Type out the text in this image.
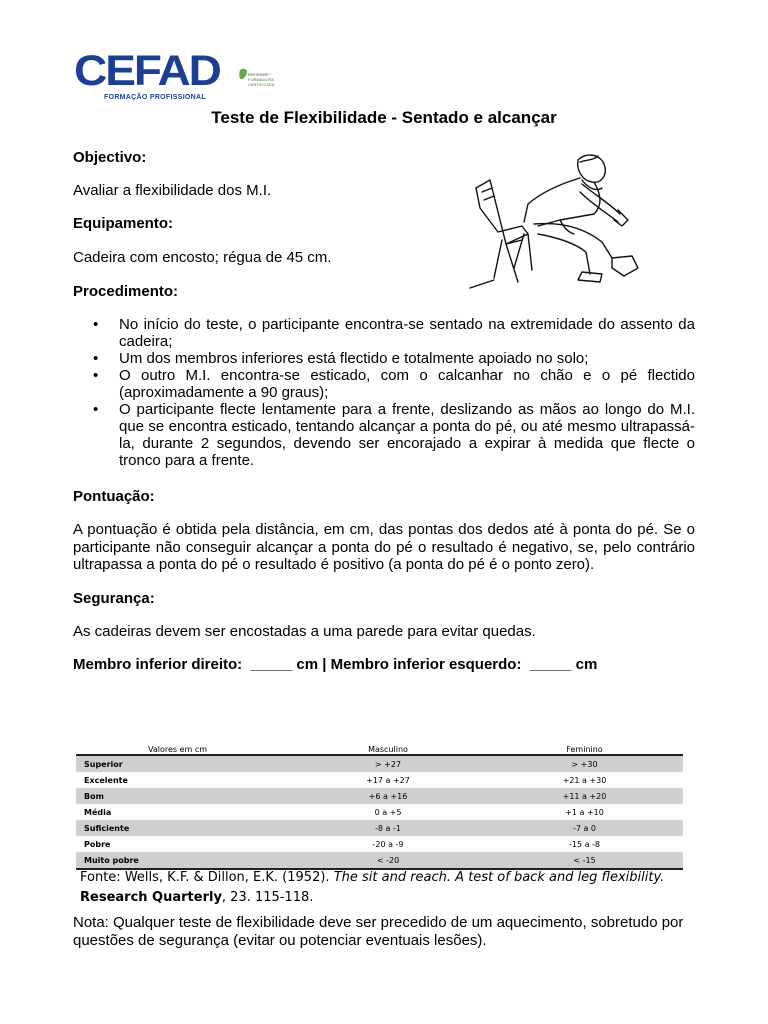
CEFAD
FORMAÇÃO PROFISSIONAL
ENTIDADE
FORMADORA
CERTIFICADA
Teste de Flexibilidade - Sentado e alcançar
Objectivo:
Avaliar a flexibilidade dos M.I.
Equipamento:
Cadeira com encosto; régua de 45 cm.
Procedimento:
• No início do teste, o participante encontra-se sentado na extremidade do assento da cadeira;
• Um dos membros inferiores está flectido e totalmente apoiado no solo;
• O outro M.I. encontra-se esticado, com o calcanhar no chão e o pé flectido (aproximadamente a 90 graus);
• O participante flecte lentamente para a frente, deslizando as mãos ao longo do M.I. que se encontra esticado, tentando alcançar a ponta do pé, ou até mesmo ultrapassá-la, durante 2 segundos, devendo ser encorajado a expirar à medida que flecte o tronco para a frente.
Pontuação:
A pontuação é obtida pela distância, em cm, das pontas dos dedos até à ponta do pé. Se o participante não conseguir alcançar a ponta do pé o resultado é negativo, se, pelo contrário ultrapassa a ponta do pé o resultado é positivo (a ponta do pé é o ponto zero).
Segurança:
As cadeiras devem ser encostadas a uma parede para evitar quedas.
Membro inferior direito:  _____ cm | Membro inferior esquerdo:  _____ cm
Valores em cm	Masculino	Feminino
Superior	> +27	> +30
Excelente	+17 a +27	+21 a +30
Bom	+6 a +16	+11 a +20
Média	0 a +5	+1 a +10
Suficiente	-8 a -1	-7 a 0
Pobre	-20 a -9	-15 a -8
Muito pobre	< -20	< -15
Fonte: Wells, K.F. & Dillon, E.K. (1952). The sit and reach. A test of back and leg flexibility.
Research Quarterly, 23. 115-118.
Nota: Qualquer teste de flexibilidade deve ser precedido de um aquecimento, sobretudo por questões de segurança (evitar ou potenciar eventuais lesões).
